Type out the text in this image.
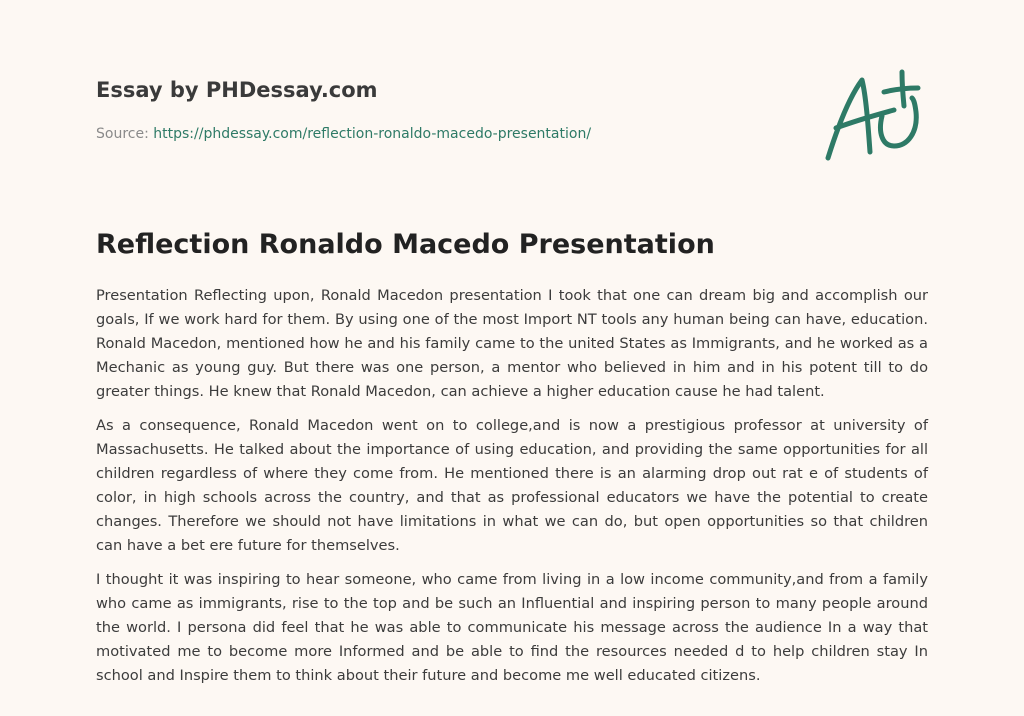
Essay by PHDessay.com
Source: https://phdessay.com/reflection-ronaldo-macedo-presentation/
Reflection Ronaldo Macedo Presentation

Presentation Reflecting upon, Ronald Macedon presentation I took that one can dream big and accomplish our goals, If we work hard for them. By using one of the most Import NT tools any human being can have, education. Ronald Macedon, mentioned how he and his family came to the united States as Immigrants, and he worked as a Mechanic as young guy. But there was one person, a mentor who believed in him and in his potent till to do greater things. He knew that Ronald Macedon, can achieve a higher education cause he had talent.

As a consequence, Ronald Macedon went on to college,and is now a prestigious professor at university of Massachusetts. He talked about the importance of using education, and providing the same opportunities for all children regardless of where they come from. He mentioned there is an alarming drop out rat e of students of color, in high schools across the country, and that as professional educators we have the potential to create changes. Therefore we should not have limitations in what we can do, but open opportunities so that children can have a bet ere future for themselves.

I thought it was inspiring to hear someone, who came from living in a low income community,and from a family who came as immigrants, rise to the top and be such an Influential and inspiring person to many people around the world. I persona did feel that he was able to communicate his message across the audience In a way that motivated me to become more Informed and be able to find the resources needed d to help children stay In school and Inspire them to think about their future and become me well educated citizens.
